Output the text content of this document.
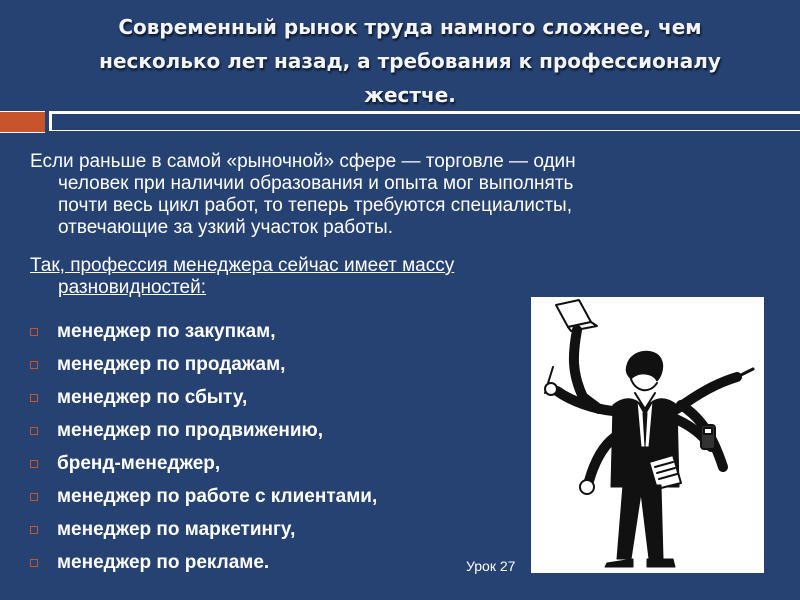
Современный рынок труда намного сложнее, чем
несколько лет назад, а требования к профессионалу
жестче.
Если раньше в самой «рыночной» сфере — торговле — один
человек при наличии образования и опыта мог выполнять
почти весь цикл работ, то теперь требуются специалисты,
отвечающие за узкий участок работы.
Так, профессия менеджера сейчас имеет массу
разновидностей:
менеджер по закупкам,
менеджер по продажам,
менеджер по сбыту,
менеджер по продвижению,
бренд-менеджер,
менеджер по работе с клиентами,
менеджер по маркетингу,
менеджер по рекламе.	Урок 27
